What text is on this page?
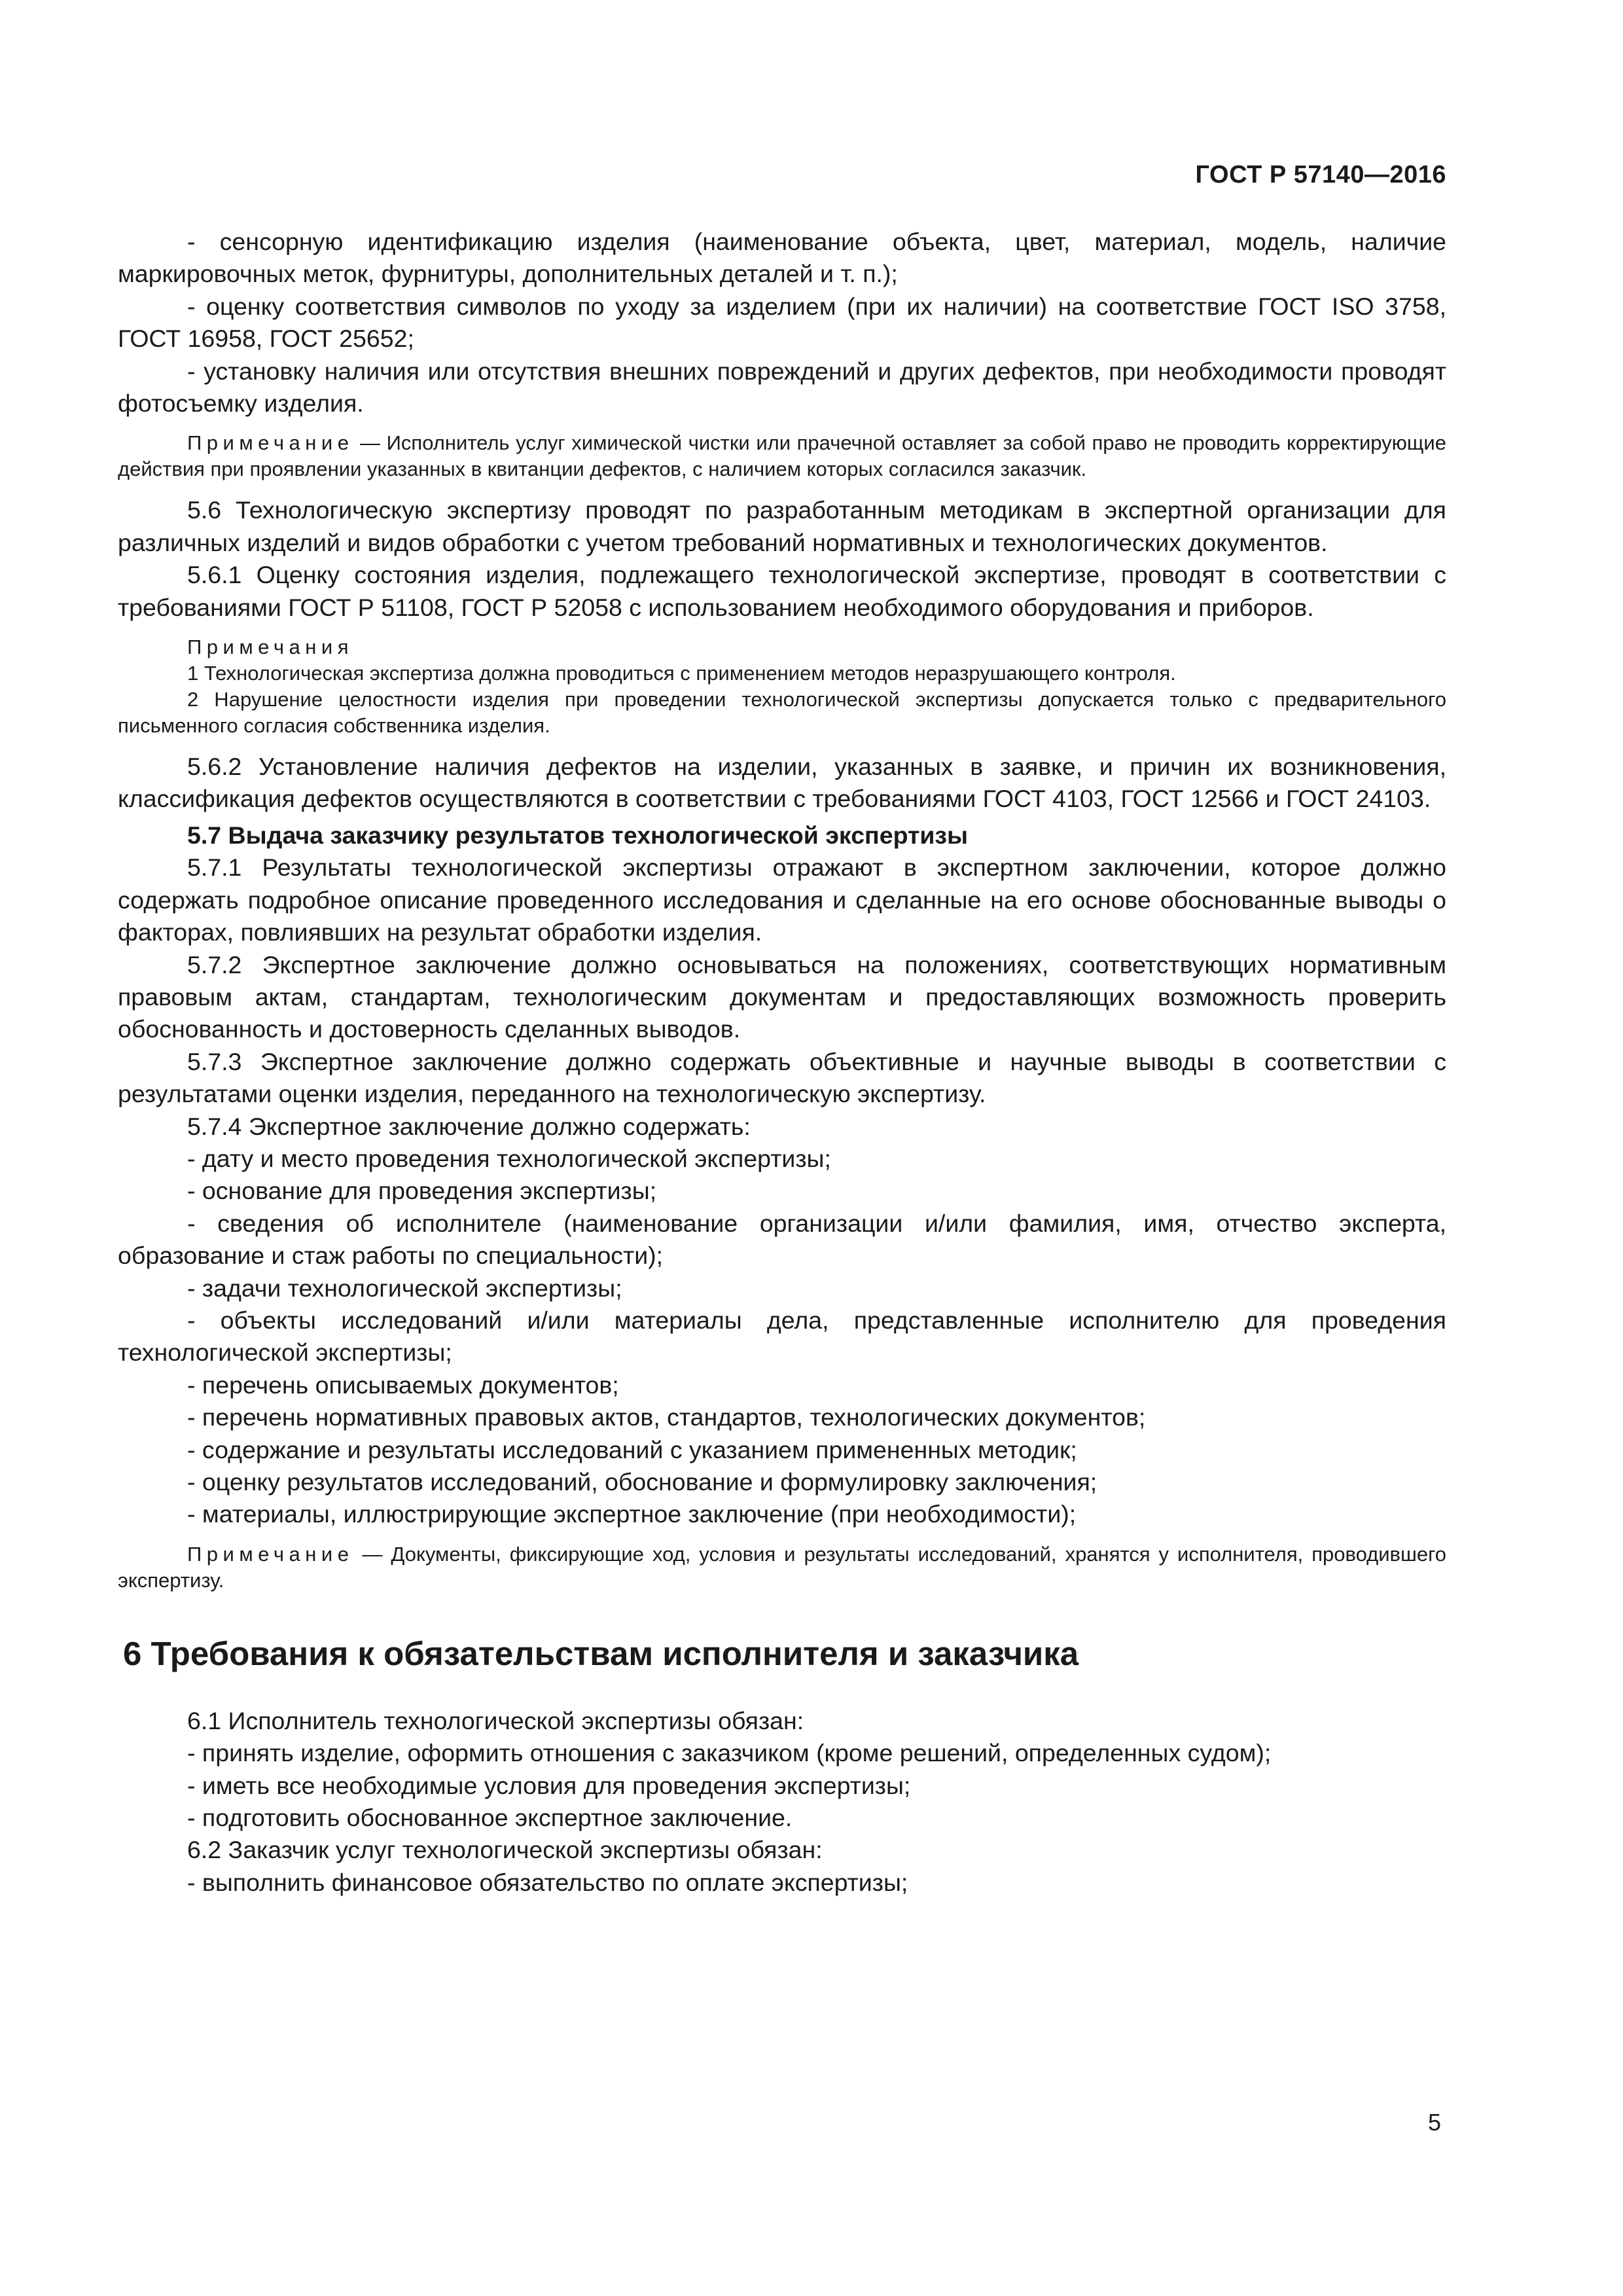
ГОСТ Р 57140—2016

- сенсорную идентификацию изделия (наименование объекта, цвет, материал, модель, наличие маркировочных меток, фурнитуры, дополнительных деталей и т. п.);

- оценку соответствия символов по уходу за изделием (при их наличии) на соответствие ГОСТ ISO 3758, ГОСТ 16958, ГОСТ 25652;

- установку наличия или отсутствия внешних повреждений и других дефектов, при необходимости проводят фотосъемку изделия.

Примечание — Исполнитель услуг химической чистки или прачечной оставляет за собой право не проводить корректирующие действия при проявлении указанных в квитанции дефектов, с наличием которых согласился заказчик.

5.6 Технологическую экспертизу проводят по разработанным методикам в экспертной организации для различных изделий и видов обработки с учетом требований нормативных и технологических документов.

5.6.1 Оценку состояния изделия, подлежащего технологической экспертизе, проводят в соответствии с требованиями ГОСТ Р 51108, ГОСТ Р 52058 с использованием необходимого оборудования и приборов.

Примечания
1 Технологическая экспертиза должна проводиться с применением методов неразрушающего контроля.
2 Нарушение целостности изделия при проведении технологической экспертизы допускается только с предварительного письменного согласия собственника изделия.

5.6.2 Установление наличия дефектов на изделии, указанных в заявке, и причин их возникновения, классификация дефектов осуществляются в соответствии с требованиями ГОСТ 4103, ГОСТ 12566 и ГОСТ 24103.

5.7 Выдача заказчику результатов технологической экспертизы

5.7.1 Результаты технологической экспертизы отражают в экспертном заключении, которое должно содержать подробное описание проведенного исследования и сделанные на его основе обоснованные выводы о факторах, повлиявших на результат обработки изделия.

5.7.2 Экспертное заключение должно основываться на положениях, соответствующих нормативным правовым актам, стандартам, технологическим документам и предоставляющих возможность проверить обоснованность и достоверность сделанных выводов.

5.7.3 Экспертное заключение должно содержать объективные и научные выводы в соответствии с результатами оценки изделия, переданного на технологическую экспертизу.

5.7.4 Экспертное заключение должно содержать:

- дату и место проведения технологической экспертизы;

- основание для проведения экспертизы;

- сведения об исполнителе (наименование организации и/или фамилия, имя, отчество эксперта, образование и стаж работы по специальности);

- задачи технологической экспертизы;

- объекты исследований и/или материалы дела, представленные исполнителю для проведения технологической экспертизы;

- перечень описываемых документов;

- перечень нормативных правовых актов, стандартов, технологических документов;

- содержание и результаты исследований с указанием примененных методик;

- оценку результатов исследований, обоснование и формулировку заключения;

- материалы, иллюстрирующие экспертное заключение (при необходимости);

Примечание — Документы, фиксирующие ход, условия и результаты исследований, хранятся у исполнителя, проводившего экспертизу.

6 Требования к обязательствам исполнителя и заказчика

6.1 Исполнитель технологической экспертизы обязан:

- принять изделие, оформить отношения с заказчиком (кроме решений, определенных судом);

- иметь все необходимые условия для проведения экспертизы;

- подготовить обоснованное экспертное заключение.

6.2 Заказчик услуг технологической экспертизы обязан:

- выполнить финансовое обязательство по оплате экспертизы;

5
